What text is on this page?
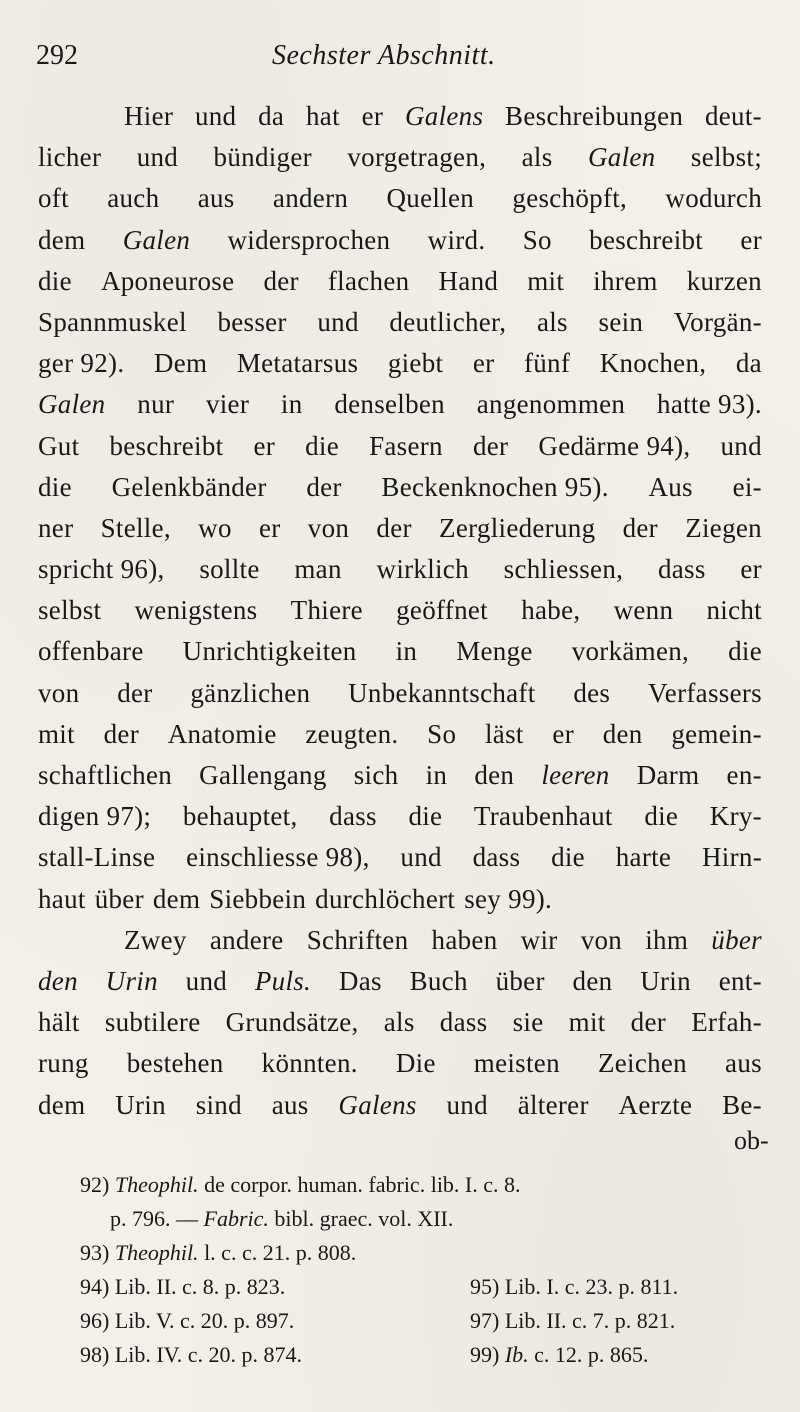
292	Sechster Abschnitt.
Hier und da hat er Galens Beschreibungen deut-
licher und bündiger vorgetragen, als Galen selbst;
oft auch aus andern Quellen geschöpft, wodurch
dem Galen widersprochen wird. So beschreibt er
die Aponeurose der flachen Hand mit ihrem kurzen
Spannmuskel besser und deutlicher, als sein Vorgän-
ger 92). Dem Metatarsus giebt er fünf Knochen, da
Galen nur vier in denselben angenommen hatte 93).
Gut beschreibt er die Fasern der Gedärme 94), und
die Gelenkbänder der Beckenknochen 95). Aus ei-
ner Stelle, wo er von der Zergliederung der Ziegen
spricht 96), sollte man wirklich schliessen, dass er
selbst wenigstens Thiere geöffnet habe, wenn nicht
offenbare Unrichtigkeiten in Menge vorkämen, die
von der gänzlichen Unbekanntschaft des Verfassers
mit der Anatomie zeugten. So läst er den gemein-
schaftlichen Gallengang sich in den leeren Darm en-
digen 97); behauptet, dass die Traubenhaut die Kry-
stall-Linse einschliesse 98), und dass die harte Hirn-
haut über dem Siebbein durchlöchert sey 99).
Zwey andere Schriften haben wir von ihm über
den Urin und Puls. Das Buch über den Urin ent-
hält subtilere Grundsätze, als dass sie mit der Erfah-
rung bestehen könnten. Die meisten Zeichen aus
dem Urin sind aus Galens und älterer Aerzte Be-
ob-
92) Theophil. de corpor. human. fabric. lib. I. c. 8.
p. 796. — Fabric. bibl. graec. vol. XII.
93) Theophil. l. c. c. 21. p. 808.
94) Lib. II. c. 8. p. 823.	95) Lib. I. c. 23. p. 811.
96) Lib. V. c. 20. p. 897.	97) Lib. II. c. 7. p. 821.
98) Lib. IV. c. 20. p. 874.	99) Ib. c. 12. p. 865.
